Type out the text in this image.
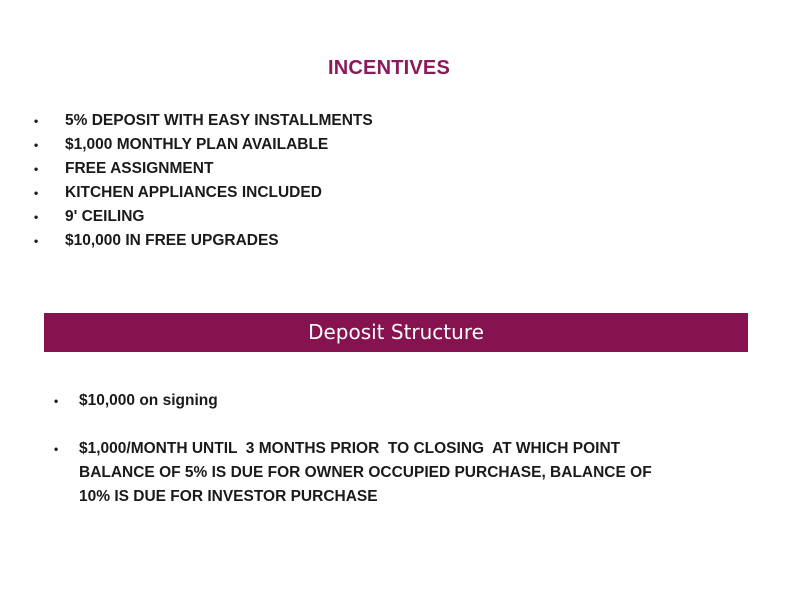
INCENTIVES
• 5% DEPOSIT WITH EASY INSTALLMENTS
• $1,000 MONTHLY PLAN AVAILABLE
• FREE ASSIGNMENT
• KITCHEN APPLIANCES INCLUDED
• 9' CEILING
• $10,000 IN FREE UPGRADES
Deposit Structure
• $10,000 on signing
• $1,000/MONTH UNTIL  3 MONTHS PRIOR  TO CLOSING  AT WHICH POINT
BALANCE OF 5% IS DUE FOR OWNER OCCUPIED PURCHASE, BALANCE OF
10% IS DUE FOR INVESTOR PURCHASE
